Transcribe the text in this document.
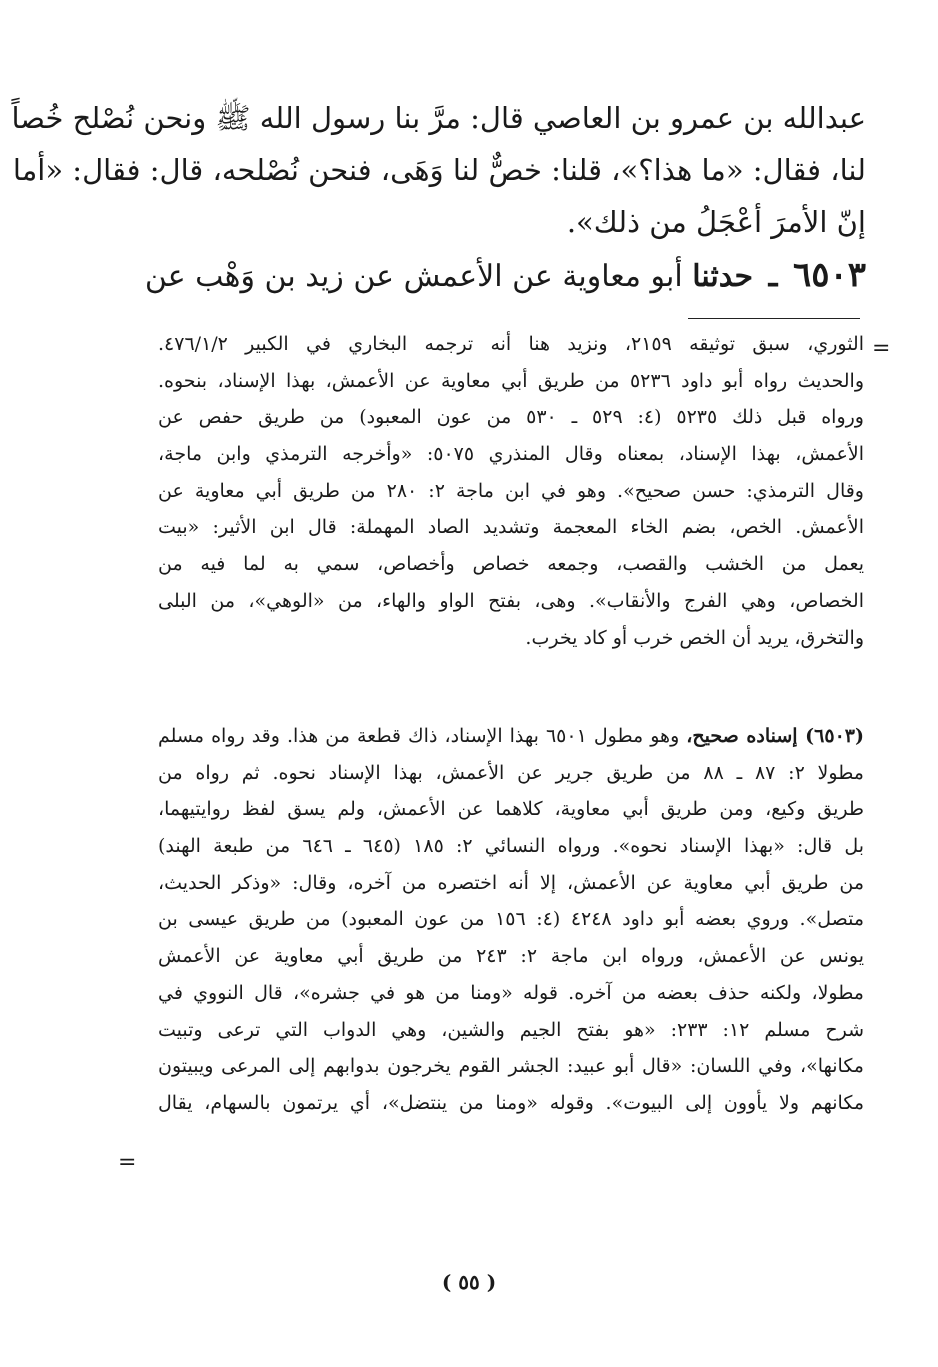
عبدالله بن عمرو بن العاصي قال: مرَّ بنا رسول الله ﷺ ونحن نُصْلح خُصاً
لنا، فقال: «ما هذا؟»، قلنا: خصٌّ لنا وَهَى، فنحن نُصْلحه، قال: فقال: «أما
إنّ الأمرَ أعْجَلُ من ذلك».
٦٥٠٣ ـ حدثنا أبو معاوية عن الأعمش عن زيد بن وَهْب عن
=
الثوري، سبق توثيقه ٢١٥٩، ونزيد هنا أنه ترجمه البخاري في الكبير ٤٧٦/١/٢.
والحديث رواه أبو داود ٥٢٣٦ من طريق أبي معاوية عن الأعمش، بهذا الإسناد، بنحوه.
ورواه قبل ذلك ٥٢٣٥ (٤: ٥٢٩ ـ ٥٣٠ من عون المعبود) من طريق حفص عن
الأعمش، بهذا الإسناد، بمعناه وقال المنذري ٥٠٧٥: «وأخرجه الترمذي وابن ماجة،
وقال الترمذي: حسن صحيح». وهو في ابن ماجة ٢: ٢٨٠ من طريق أبي معاوية عن
الأعمش. الخص، بضم الخاء المعجمة وتشديد الصاد المهملة: قال ابن الأثير: «بيت
يعمل من الخشب والقصب، وجمعه خصاص وأخصاص، سمي به لما فيه من
الخصاص، وهي الفرج والأنقاب». وهى، بفتح الواو والهاء، من «الوهي»، من البلى
والتخرق، يريد أن الخص خرب أو كاد يخرب.
(٦٥٠٣) إسناده صحيح، وهو مطول ٦٥٠١ بهذا الإسناد، ذاك قطعة من هذا. وقد رواه مسلم
مطولا ٢: ٨٧ ـ ٨٨ من طريق جرير عن الأعمش، بهذا الإسناد نحوه. ثم رواه من
طريق وكيع، ومن طريق أبي معاوية، كلاهما عن الأعمش، ولم يسق لفظ روايتيهما،
بل قال: «بهذا الإسناد نحوه». ورواه النسائي ٢: ١٨٥ (٦٤٥ ـ ٦٤٦ من طبعة الهند)
من طريق أبي معاوية عن الأعمش، إلا أنه اختصره من آخره، وقال: «وذكر الحديث،
متصل». وروي بعضه أبو داود ٤٢٤٨ (٤: ١٥٦ من عون المعبود) من طريق عيسى بن
يونس عن الأعمش، ورواه ابن ماجة ٢: ٢٤٣ من طريق أبي معاوية عن الأعمش
مطولا، ولكنه حذف بعضه من آخره. قوله «ومنا من هو في جشره»، قال النووي في
شرح مسلم ١٢: ٢٣٣: «هو بفتح الجيم والشين، وهي الدواب التي ترعى وتبيت
مكانها»، وفي اللسان: «قال أبو عبيد: الجشر القوم يخرجون بدوابهم إلى المرعى ويبيتون
مكانهم ولا يأوون إلى البيوت». وقوله «ومنا من ينتضل»، أي يرتمون بالسهام، يقال
=
( ٥٥ )
